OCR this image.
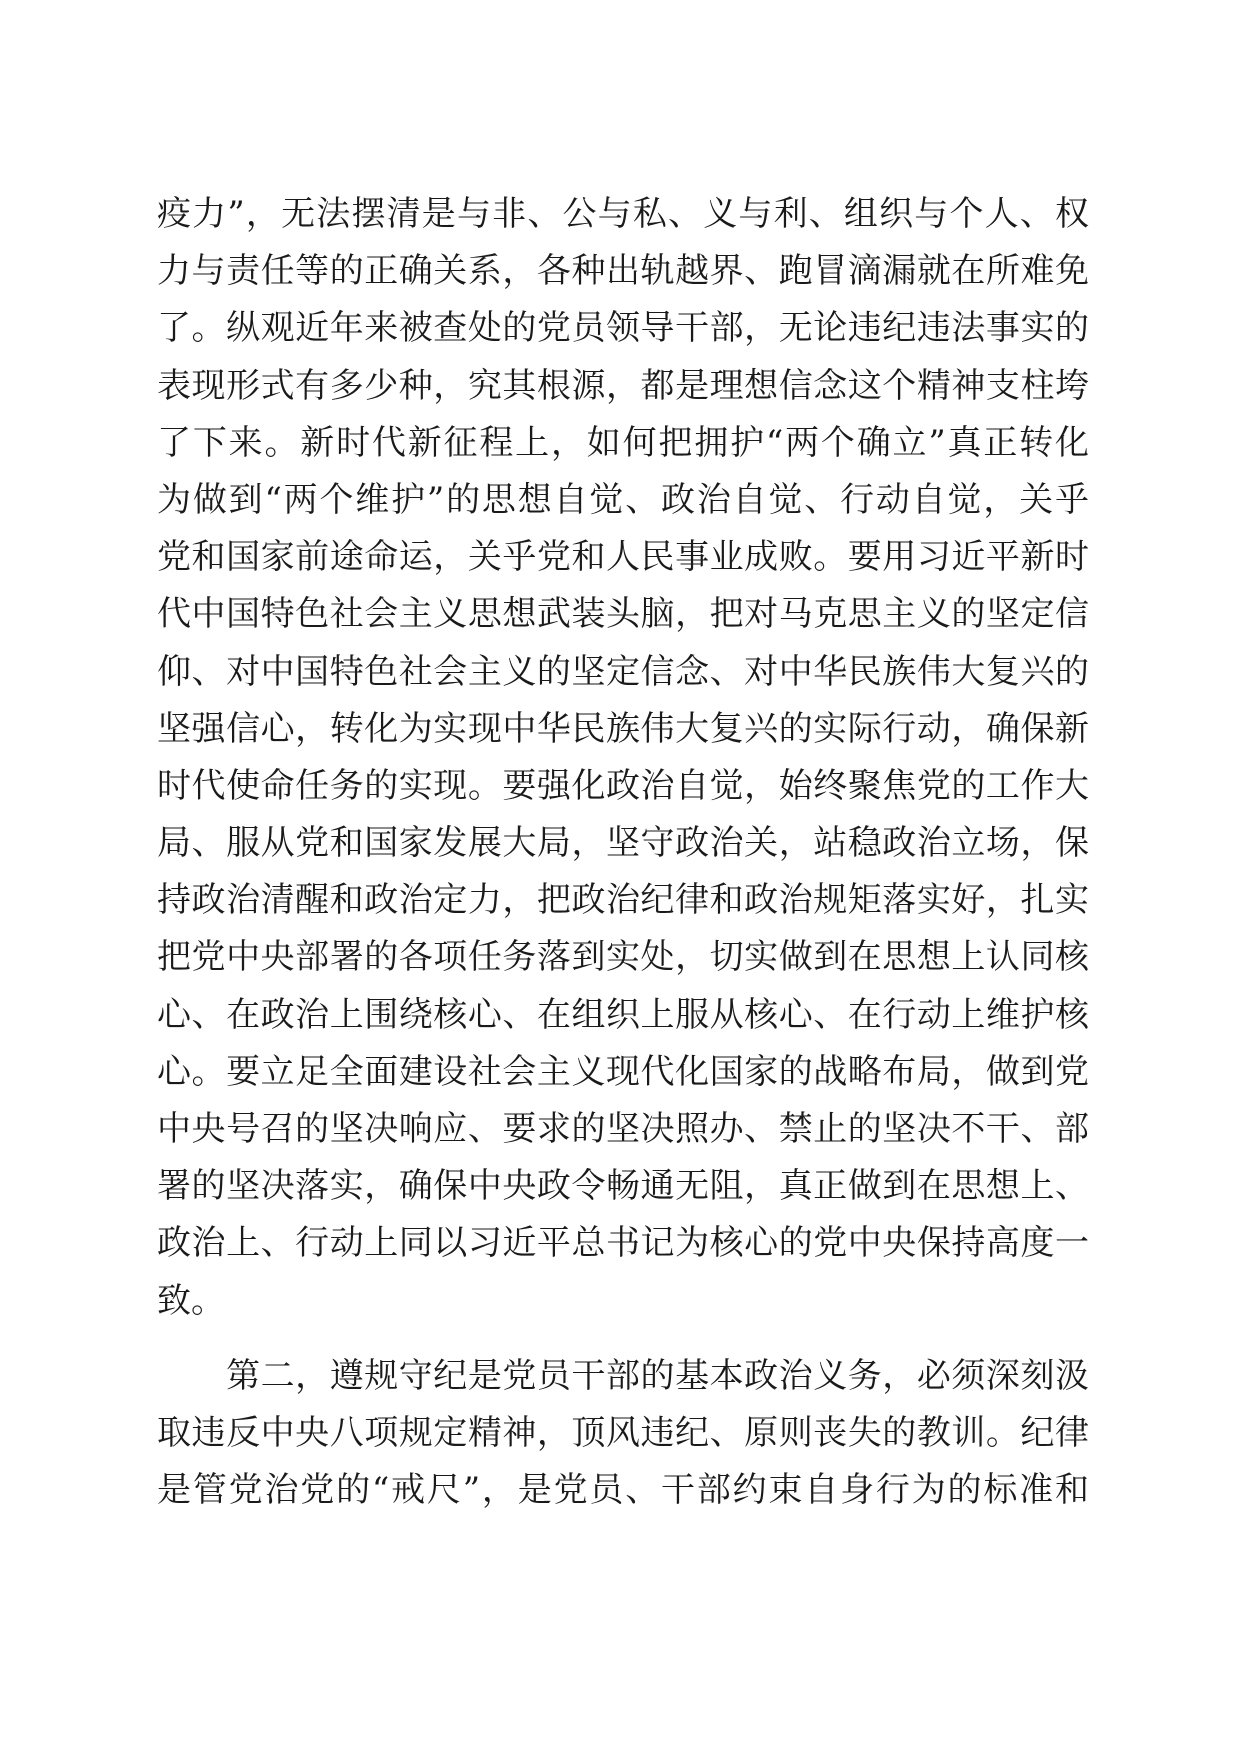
疫力”，无法摆清是与非、公与私、义与利、组织与个人、权
力与责任等的正确关系，各种出轨越界、跑冒滴漏就在所难免
了。纵观近年来被查处的党员领导干部，无论违纪违法事实的
表现形式有多少种，究其根源，都是理想信念这个精神支柱垮
了下来。新时代新征程上，如何把拥护“两个确立”真正转化
为做到“两个维护”的思想自觉、政治自觉、行动自觉，关乎
党和国家前途命运，关乎党和人民事业成败。要用习近平新时
代中国特色社会主义思想武装头脑，把对马克思主义的坚定信
仰、对中国特色社会主义的坚定信念、对中华民族伟大复兴的
坚强信心，转化为实现中华民族伟大复兴的实际行动，确保新
时代使命任务的实现。要强化政治自觉，始终聚焦党的工作大
局、服从党和国家发展大局，坚守政治关，站稳政治立场，保
持政治清醒和政治定力，把政治纪律和政治规矩落实好，扎实
把党中央部署的各项任务落到实处，切实做到在思想上认同核
心、在政治上围绕核心、在组织上服从核心、在行动上维护核
心。要立足全面建设社会主义现代化国家的战略布局，做到党
中央号召的坚决响应、要求的坚决照办、禁止的坚决不干、部
署的坚决落实，确保中央政令畅通无阻，真正做到在思想上、
政治上、行动上同以习近平总书记为核心的党中央保持高度一
致。
　　第二，遵规守纪是党员干部的基本政治义务，必须深刻汲
取违反中央八项规定精神，顶风违纪、原则丧失的教训。纪律
是管党治党的“戒尺”，是党员、干部约束自身行为的标准和
